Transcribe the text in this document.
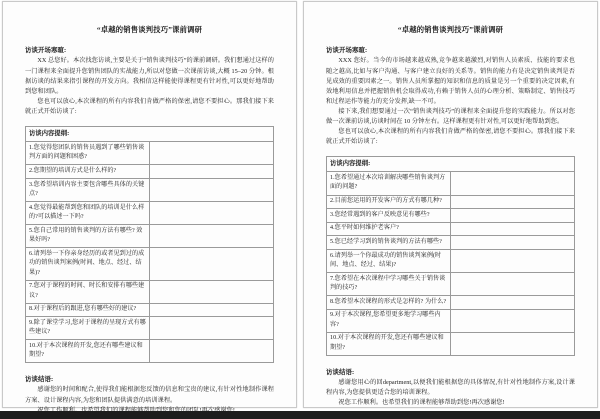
“卓越的销售谈判技巧”课前调研
访谈开场寒暄:

XX 总您好。本次找您访谈,主要是关于“销售谈判技巧”的课前调研。我们想通过这样的一门课程来全面提升您销售团队的实战能力,所以对您做一次课前访谈,大概 15–20 分钟。根据访谈的结果来指引课程的开发方向。我相信这样能使得课程更有针对性,可以更好地帮助到您和团队。

您也可以放心,本次课程的所有内容我们肯做严格的保密,请您不要担心。那我们接下来就正式开始访谈了:

访谈内容提纲:	
1.您觉得您团队的销售员遇到了哪些销售谈判方面的问题和困惑?	
2.您期望的培训方式是什么样的?	
3.您希望培训内容主要包含哪些具体的关键点?	
4.您觉得最能帮到您和团队的培训是什么样的?可以描述一下吗?	
5.您自己常用的销售谈判的方法有哪些? 效果好吗?	
6.请列举一下你亲身经历的或者见到过的成功的销售谈判案例(时间、地点、经过、结果)?	
7.您对于课程的时间、时长和安排有哪些建议?	
8.对于课程后的跟进,您有哪些好的建议?	
9.除了课堂学习,您对于课程的呈现方式有哪些建议?	
10.对于本次课程的开发,您还有哪些建议和期望?	
访谈结语:

感谢您的时间和配合,使得我们能根据您反馈的信息和宝贵的建议,有针对性地制作课程方案、设计课程内容,为您和团队提供满意的培训课程。

“卓越的销售谈判技巧”课前调研
访谈开场寒暄:

XXX 您好。当今的市场越来越成熟,竞争越来越激烈,对销售人员素质、技能的要求也随之越高,比如与客户沟通、与客户建立良好的关系等。销售的能力有是决定销售谈判是否见成效的重要因素之一。销售人员所掌握的知识和信息的质量是另一个重要的决定因素,有效地利用信息并把握销售机会取得成功,有赖于销售人员的心理分析、策略制定、销售技巧和过程运作等能力的充分发挥,缺一不可。

接下来,我们想要通过一次“销售谈判技巧”的课程来全面提升您的实践能力。所以对您做一次课前访谈,访谈时间在 10 分钟左右。这样课程更有针对性,可以更好地帮助到您。

您也可以放心,本次课程的所有内容我们肯做严格的保密,请您不要担心。那我们接下来就正式开始访谈了:

访谈内容提纲:	
1.您希望通过本次培训解决哪些销售谈判方面的问题?	
2.目前您运用的开发客户的方式有哪几种?	
3.您经常遇到的客户反映意见有哪些?	
4.您平时如何维护老客户?	
5.您已经学习到的销售谈判的方法有哪些?	
6.请列举一个你最成功的销售谈判案例(时间、地点、经过、结果)?	
7.您希望在本次课程中学习哪些关于销售谈判的技巧?	
8.您希望本次课程的形式是怎样的? 为什么?	
9.对于本次课程,您希望更多地学习哪些内容?	
10.对于本次课程的开发,您还有哪些建议和期望?	
访谈结语:

感谢您用心的回department,以便我们能根据您的具体情况,有针对性地制作方案,设计课程内容,为您提供更适合您的培训课程。

祝您工作顺利。也希望我们的课程能够帮助到您!再次感谢您!
